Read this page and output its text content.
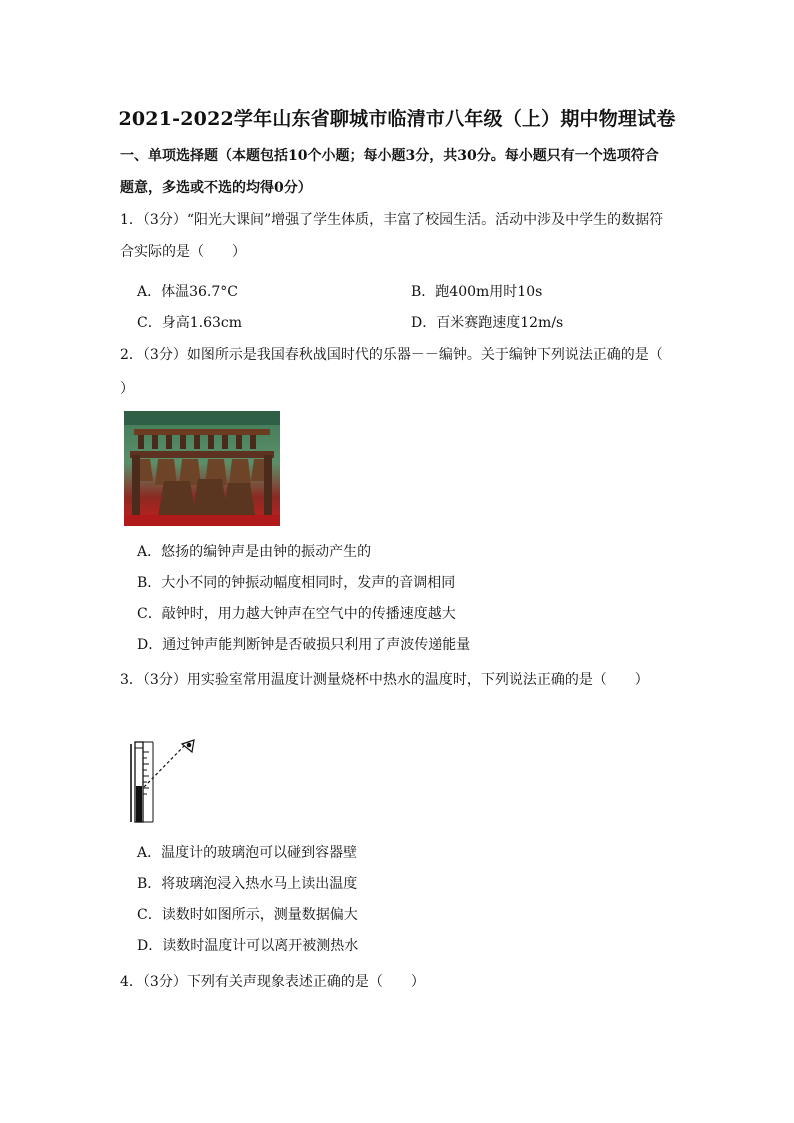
2021-2022学年山东省聊城市临清市八年级（上）期中物理试卷
一、单项选择题（本题包括10个小题；每小题3分，共30分。每小题只有一个选项符合
题意，多选或不选的均得0分）
1．（3分）“阳光大课间”增强了学生体质，丰富了校园生活。活动中涉及中学生的数据符
合实际的是（　　）
A．体温36.7°C	B．跑400m用时10s
C．身高1.63cm	D．百米赛跑速度12m/s
2．（3分）如图所示是我国春秋战国时代的乐器－－编钟。关于编钟下列说法正确的是（
）
A．悠扬的编钟声是由钟的振动产生的
B．大小不同的钟振动幅度相同时，发声的音调相同
C．敲钟时，用力越大钟声在空气中的传播速度越大
D．通过钟声能判断钟是否破损只利用了声波传递能量
3．（3分）用实验室常用温度计测量烧杯中热水的温度时，下列说法正确的是（　　）
A．温度计的玻璃泡可以碰到容器壁
B．将玻璃泡浸入热水马上读出温度
C．读数时如图所示，测量数据偏大
D．读数时温度计可以离开被测热水
4．（3分）下列有关声现象表述正确的是（　　）
